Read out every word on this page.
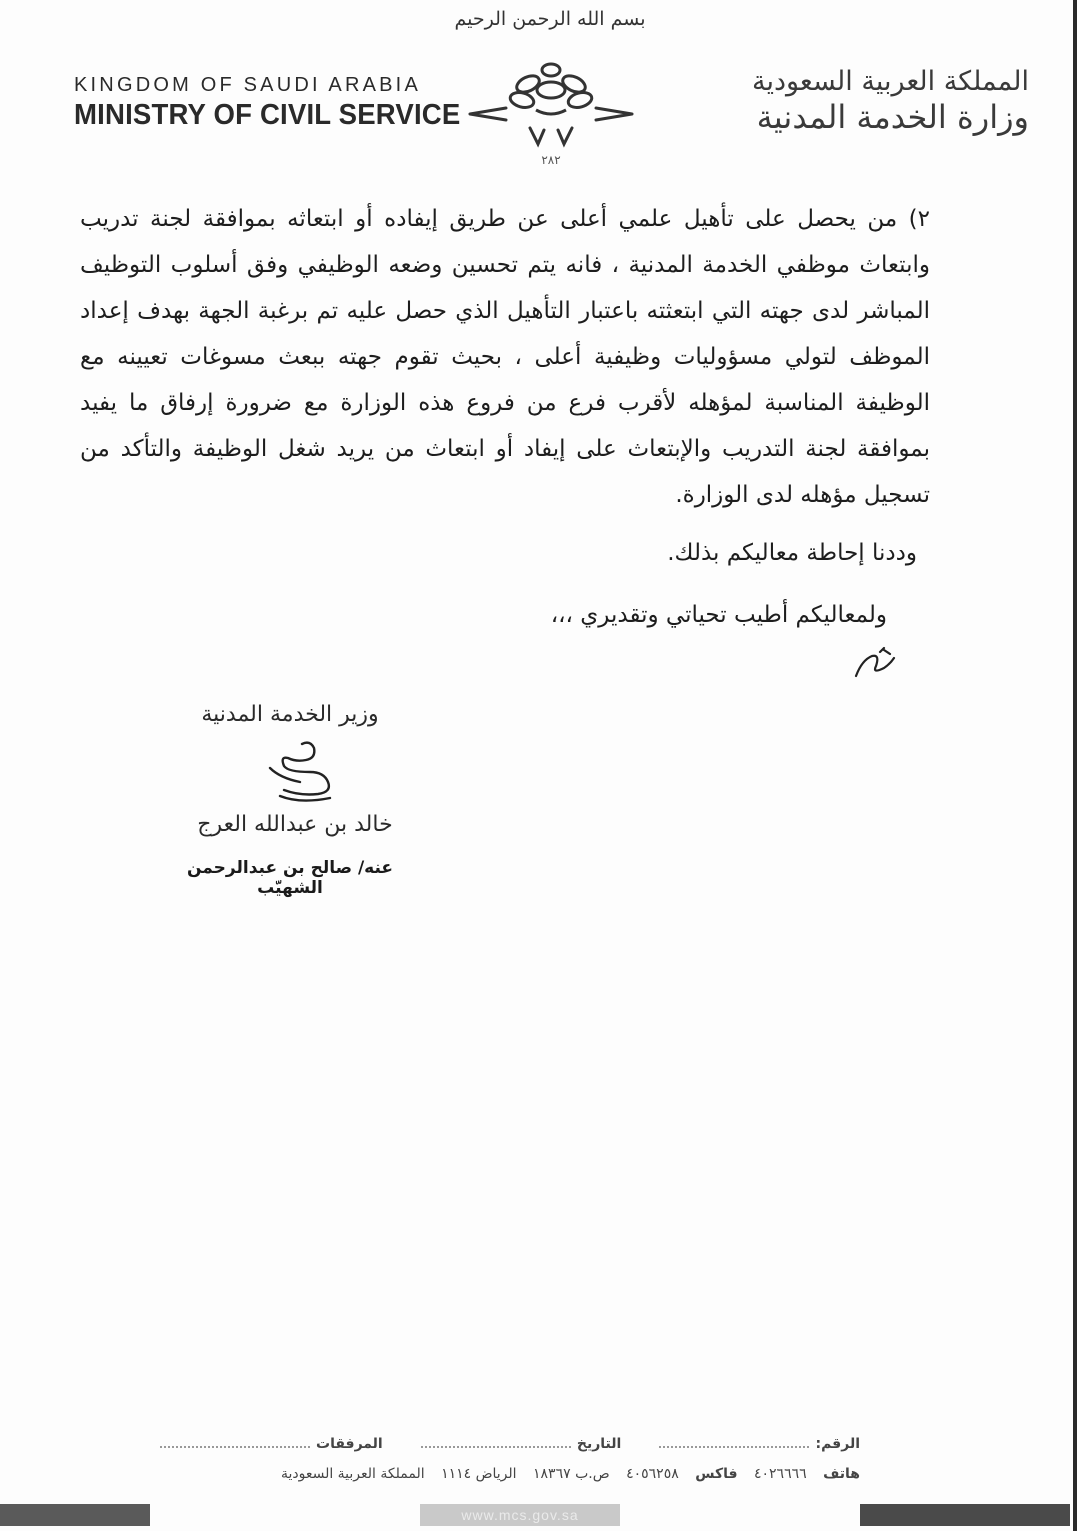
بسم الله الرحمن الرحيم
KINGDOM OF SAUDI ARABIA
MINISTRY OF CIVIL SERVICE
٢٨٢
المملكة العربية السعودية
وزارة الخدمة المدنية
٢) من يحصل على تأهيل علمي أعلى عن طريق إيفاده أو ابتعاثه بموافقة لجنة تدريب وابتعاث موظفي الخدمة المدنية ، فانه يتم تحسين وضعه الوظيفي وفق أسلوب التوظيف المباشر لدى جهته التي ابتعثته باعتبار التأهيل الذي حصل عليه تم برغبة الجهة بهدف إعداد الموظف لتولي مسؤوليات وظيفية أعلى ، بحيث تقوم جهته ببعث مسوغات تعيينه مع الوظيفة المناسبة لمؤهله لأقرب فرع من فروع هذه الوزارة مع ضرورة إرفاق ما يفيد بموافقة لجنة التدريب والإبتعاث على إيفاد أو ابتعاث من يريد شغل الوظيفة والتأكد من تسجيل مؤهله لدى الوزارة.
وددنا إحاطة معاليكم بذلك.
ولمعاليكم أطيب تحياتي وتقديري ،،،
وزير الخدمة المدنية
خالد بن عبدالله العرج
عنه/ صالح بن عبدالرحمن الشهيّب
الرقم:
التاريخ
المرفقات
هاتف ٤٠٢٦٦٦٦ فاكس ٤٠٥٦٢٥٨ ص.ب ١٨٣٦٧ الرياض ١١١٤ المملكة العربية السعودية
www.mcs.gov.sa
